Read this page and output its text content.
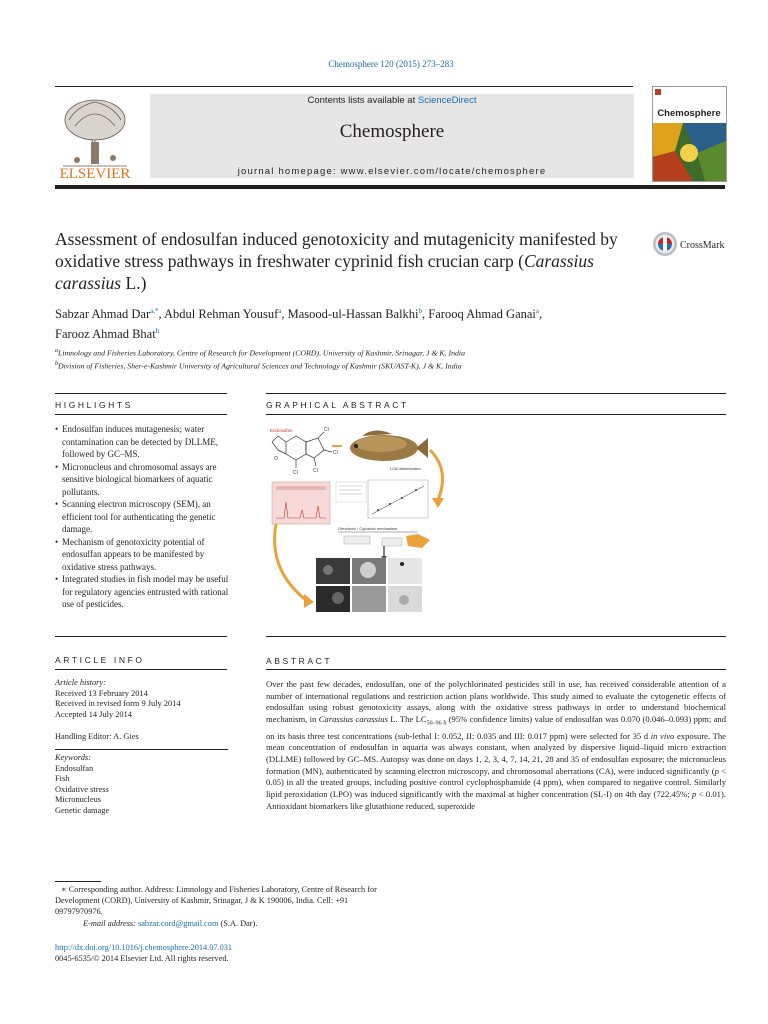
Chemosphere 120 (2015) 273–283
ELSEVIER
Contents lists available at ScienceDirect
Chemosphere
journal homepage: www.elsevier.com/locate/chemosphere
Chemosphere
Assessment of endosulfan induced genotoxicity and mutagenicity manifested by oxidative stress pathways in freshwater cyprinid fish crucian carp (Carassius carassius L.)
CrossMark
Sabzar Ahmad Dar$^{a,*}$, Abdul Rehman Yousuf$^a$, Masood-ul-Hassan Balkhi$^b$, Farooq Ahmad Ganai$^a$,
Farooz Ahmad Bhat$^b$
$^a$Limnology and Fisheries Laboratory, Centre of Research for Development (CORD), University of Kashmir, Srinagar, J & K, India
$^b$Division of Fisheries, Sher-e-Kashmir University of Agricultural Sciences and Technology of Kashmir (SKUAST-K), J & K, India
HIGHLIGHTS	GRAPHICAL ABSTRACT
• Endosulfan induces mutagenesis; water contamination can be detected by DLLME, followed by GC–MS.
• Micronucleus and chromosomal assays are sensitive biological biomarkers of aquatic pollutants.
• Scanning electron microscopy (SEM), an efficient tool for authenticating the genetic damage.
• Mechanism of genotoxicity potential of endosulfan appears to be manifested by oxidative stress pathways.
• Integrated studies in fish model may be useful for regulatory agencies entrusted with rational use of pesticides.
Endosulfan	Cl
Cl
Cl
Cl
O
LC50 determination
Genotoxic / Cytotoxic mechanism
ARTICLE INFO	ABSTRACT
Article history:
Received 13 February 2014
Received in revised form 9 July 2014
Accepted 14 July 2014
Handling Editor: A. Gies
Keywords:
Endosulfan
Fish
Oxidative stress
Micronucleus
Genetic damage
Over the past few decades, endosulfan, one of the polychlorinated pesticides still in use, has received considerable attention of a number of international regulations and restriction action plans worldwide. This study aimed to evaluate the cytogenetic effects of endosulfan using robust genotoxicity assays, along with the oxidative stress pathways in order to understand biochemical mechanism, in Carassius carassius L. The $LC_{50-96 h}$ (95% confidence limits) value of endosulfan was 0.070 (0.046–0.093) ppm; and on its basis three test concentrations (sub-lethal I: 0.052, II: 0.035 and III: 0.017 ppm) were selected for 35 d in vivo exposure. The mean concentration of endosulfan in aquaria was always constant, when analyzed by dispersive liquid–liquid micro extraction (DLLME) followed by GC–MS. Autopsy was done on days 1, 2, 3, 4, 7, 14, 21, 28 and 35 of endosulfan exposure; the micronucleus formation (MN), authenticated by scanning electron microscopy, and chromosomal aberrations (CA), were induced significantly (p < 0.05) in all the treated groups, including positive control cyclophosphamide (4 ppm), when compared to negative control. Similarly lipid peroxidation (LPO) was induced significantly with the maximal at higher concentration (SL-I) on 4th day (722.45%; p < 0.01). Antioxidant biomarkers like glutathione reduced, superoxide
∗ Corresponding author. Address: Limnology and Fisheries Laboratory, Centre of Research for Development (CORD), University of Kashmir, Srinagar, J & K 190006, India. Cell: +91 09797970976.
E-mail address: sabzar.cord@gmail.com (S.A. Dar).
http://dx.doi.org/10.1016/j.chemosphere.2014.07.031
0045-6535/© 2014 Elsevier Ltd. All rights reserved.
